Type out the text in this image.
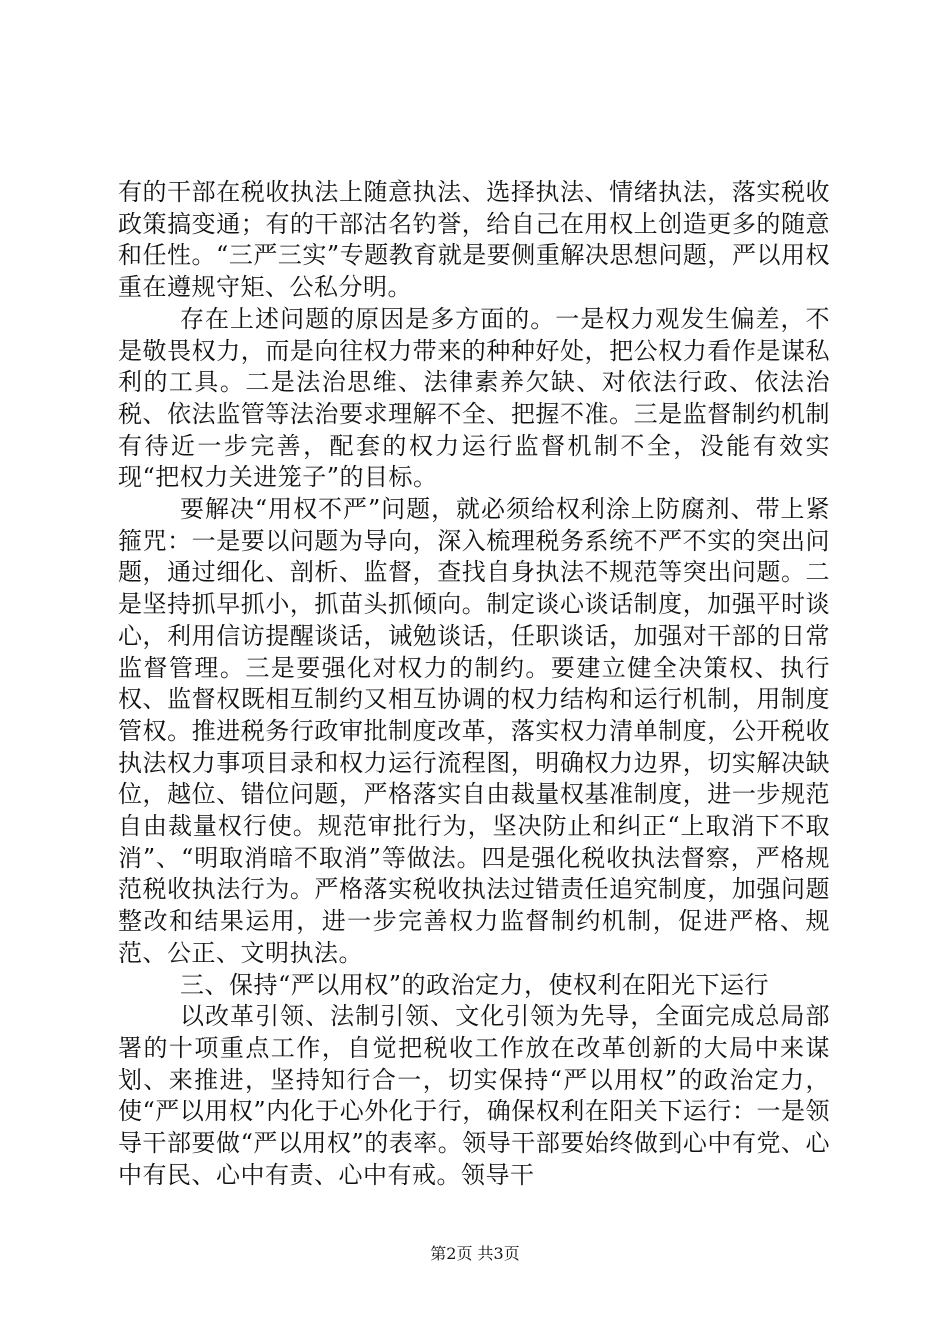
有的干部在税收执法上随意执法、选择执法、情绪执法，落实税收政策搞变通；有的干部沽名钓誉，给自己在用权上创造更多的随意和任性。“三严三实”专题教育就是要侧重解决思想问题，严以用权重在遵规守矩、公私分明。

存在上述问题的原因是多方面的。一是权力观发生偏差，不是敬畏权力，而是向往权力带来的种种好处，把公权力看作是谋私利的工具。二是法治思维、法律素养欠缺、对依法行政、依法治税、依法监管等法治要求理解不全、把握不准。三是监督制约机制有待近一步完善，配套的权力运行监督机制不全，没能有效实现“把权力关进笼子”的目标。

要解决“用权不严”问题，就必须给权利涂上防腐剂、带上紧箍咒：一是要以问题为导向，深入梳理税务系统不严不实的突出问题，通过细化、剖析、监督，查找自身执法不规范等突出问题。二是坚持抓早抓小，抓苗头抓倾向。制定谈心谈话制度，加强平时谈心，利用信访提醒谈话，诫勉谈话，任职谈话，加强对干部的日常监督管理。三是要强化对权力的制约。要建立健全决策权、执行权、监督权既相互制约又相互协调的权力结构和运行机制，用制度管权。推进税务行政审批制度改革，落实权力清单制度，公开税收执法权力事项目录和权力运行流程图，明确权力边界，切实解决缺位，越位、错位问题，严格落实自由裁量权基准制度，进一步规范自由裁量权行使。规范审批行为，坚决防止和纠正“上取消下不取消”、“明取消暗不取消”等做法。四是强化税收执法督察，严格规范税收执法行为。严格落实税收执法过错责任追究制度，加强问题整改和结果运用，进一步完善权力监督制约机制，促进严格、规范、公正、文明执法。

三、保持“严以用权”的政治定力，使权利在阳光下运行

以改革引领、法制引领、文化引领为先导，全面完成总局部署的十项重点工作，自觉把税收工作放在改革创新的大局中来谋划、来推进，坚持知行合一，切实保持“严以用权”的政治定力，使“严以用权”内化于心外化于行，确保权利在阳关下运行：一是领导干部要做“严以用权”的表率。领导干部要始终做到心中有党、心中有民、心中有责、心中有戒。领导干

第2页 共3页
